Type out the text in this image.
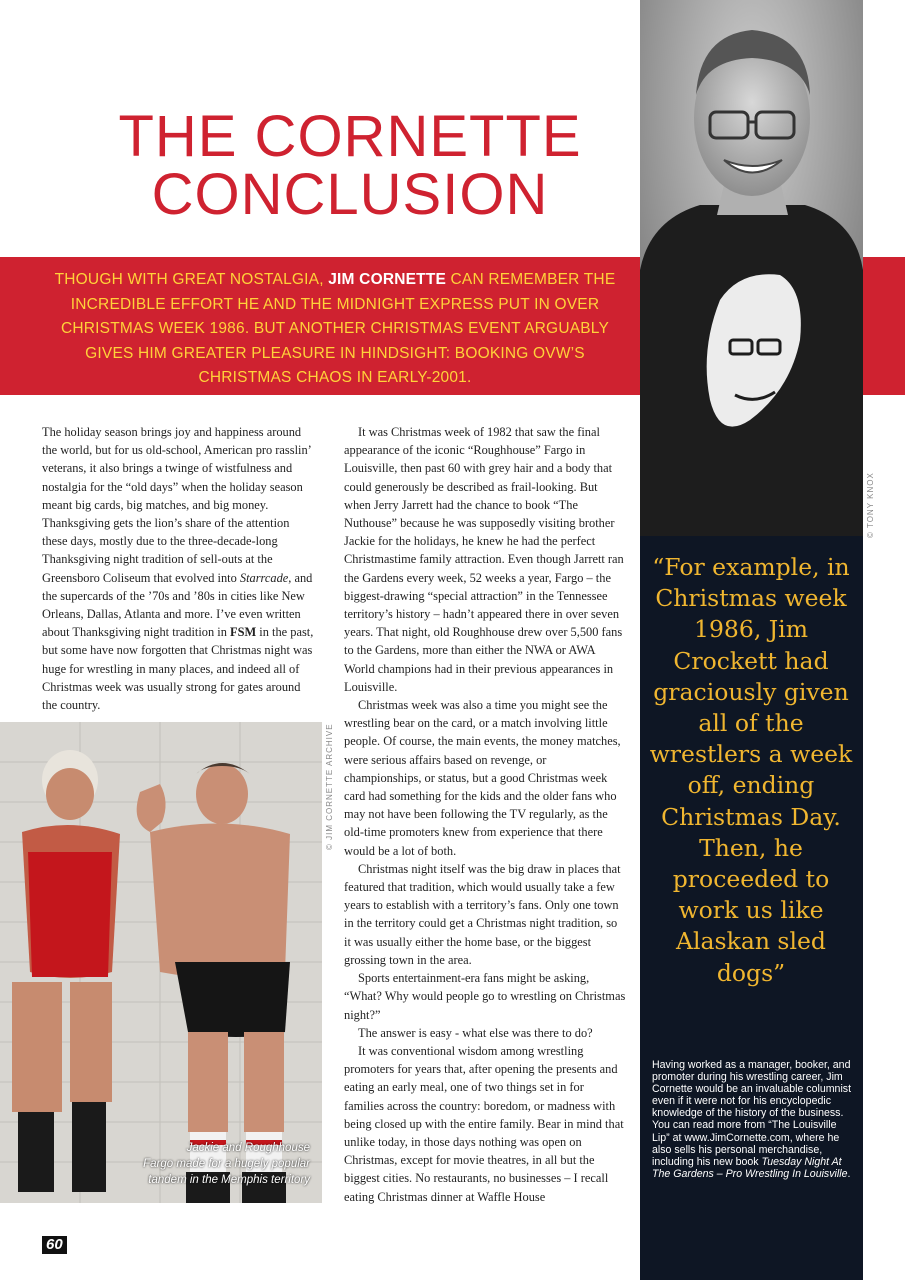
THE CORNETTE
CONCLUSION
THOUGH WITH GREAT NOSTALGIA, JIM CORNETTE CAN REMEMBER THE INCREDIBLE EFFORT HE AND THE MIDNIGHT EXPRESS PUT IN OVER CHRISTMAS WEEK 1986. BUT ANOTHER CHRISTMAS EVENT ARGUABLY GIVES HIM GREATER PLEASURE IN HINDSIGHT: BOOKING OVW’S CHRISTMAS CHAOS IN EARLY-2001.
© TONY KNOX
“For example, in Christmas week 1986, Jim Crockett had graciously given all of the wrestlers a week off, ending Christmas Day. Then, he proceeded to work us like Alaskan sled dogs”
Having worked as a manager, booker, and promoter during his wrestling career, Jim Cornette would be an invaluable columnist even if it were not for his encyclopedic knowledge of the history of the business. You can read more from “The Louisville Lip” at www.JimCornette.com, where he also sells his personal merchandise, including his new book Tuesday Night At The Gardens – Pro Wrestling In Louisville.

The holiday season brings joy and happiness around the world, but for us old-school, American pro rasslin’ veterans, it also brings a twinge of wistfulness and nostalgia for the “old days” when the holiday season meant big cards, big matches, and big money. Thanksgiving gets the lion’s share of the attention these days, mostly due to the three-decade-long Thanksgiving night tradition of sell-outs at the Greensboro Coliseum that evolved into Starrcade, and the supercards of the ’70s and ’80s in cities like New Orleans, Dallas, Atlanta and more. I’ve even written about Thanksgiving night tradition in FSM in the past, but some have now forgotten that Christmas night was huge for wrestling in many places, and indeed all of Christmas week was usually strong for gates around the country.

It was Christmas week of 1982 that saw the final appearance of the iconic “Roughhouse” Fargo in Louisville, then past 60 with grey hair and a body that could generously be described as frail-looking. But when Jerry Jarrett had the chance to book “The Nuthouse” because he was supposedly visiting brother Jackie for the holidays, he knew he had the perfect Christmastime family attraction. Even though Jarrett ran the Gardens every week, 52 weeks a year, Fargo – the biggest-drawing “special attraction” in the Tennessee territory’s history – hadn’t appeared there in over seven years. That night, old Roughhouse drew over 5,500 fans to the Gardens, more than either the NWA or AWA World champions had in their previous appearances in Louisville.

Christmas week was also a time you might see the wrestling bear on the card, or a match involving little people. Of course, the main events, the money matches, were serious affairs based on revenge, or championships, or status, but a good Christmas week card had something for the kids and the older fans who may not have been following the TV regularly, as the old-time promoters knew from experience that there would be a lot of both.

Christmas night itself was the big draw in places that featured that tradition, which would usually take a few years to establish with a territory’s fans. Only one town in the territory could get a Christmas night tradition, so it was usually either the home base, or the biggest grossing town in the area.

Sports entertainment-era fans might be asking, “What? Why would people go to wrestling on Christmas night?”

The answer is easy - what else was there to do?

It was conventional wisdom among wrestling promoters for years that, after opening the presents and eating an early meal, one of two things set in for families across the country: boredom, or madness with being closed up with the entire family. Bear in mind that unlike today, in those days nothing was open on Christmas, except for movie theatres, in all but the biggest cities. No restaurants, no businesses – I recall eating Christmas dinner at Waffle House

© JIM CORNETTE ARCHIVE
Jackie and Roughhouse
Fargo made for a hugely popular
tandem in the Memphis territory
60
